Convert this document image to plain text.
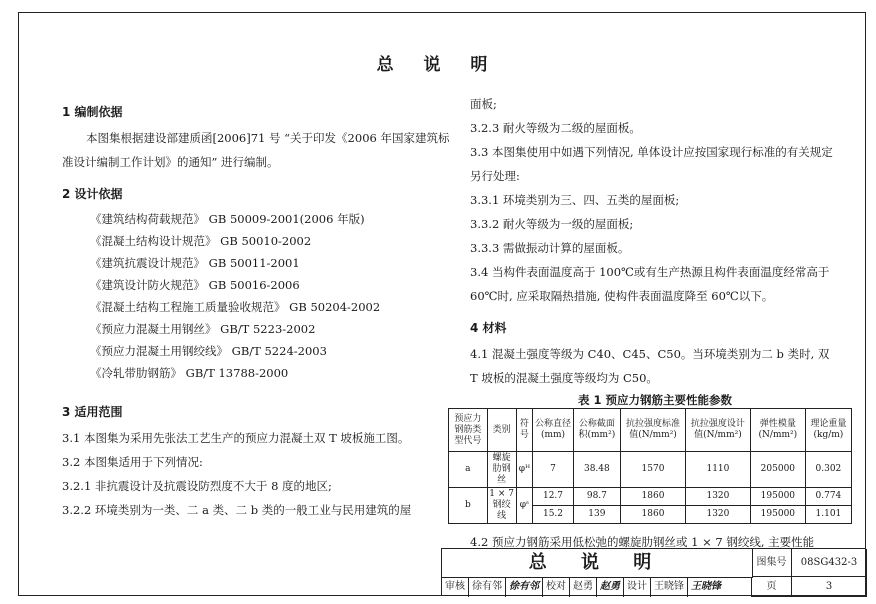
总 说 明
1 编制依据

本图集根据建设部建质函[2006]71 号 “关于印发《2006 年国家建筑标准设计编制工作计划》的通知” 进行编制。

2 设计依据
《建筑结构荷载规范》 GB 50009-2001(2006 年版)
《混凝土结构设计规范》 GB 50010-2002
《建筑抗震设计规范》 GB 50011-2001
《建筑设计防火规范》 GB 50016-2006
《混凝土结构工程施工质量验收规范》 GB 50204-2002
《预应力混凝土用钢丝》 GB/T 5223-2002
《预应力混凝土用钢绞线》 GB/T 5224-2003
《冷轧带肋钢筋》 GB/T 13788-2000
3 适用范围

3.1 本图集为采用先张法工艺生产的预应力混凝土双 T 坡板施工图。

3.2 本图集适用于下列情况:

3.2.1 非抗震设计及抗震设防烈度不大于 8 度的地区;

3.2.2 环境类别为一类、二 a 类、二 b 类的一般工业与民用建筑的屋

面板;

3.2.3 耐火等级为二级的屋面板。

3.3 本图集使用中如遇下列情况, 单体设计应按国家现行标准的有关规定另行处理:

3.3.1 环境类别为三、四、五类的屋面板;

3.3.2 耐火等级为一级的屋面板;

3.3.3 需做振动计算的屋面板。

3.4 当构件表面温度高于 100℃或有生产热源且构件表面温度经常高于 60℃时, 应采取隔热措施, 使构件表面温度降至 60℃以下。

4 材料

4.1 混凝土强度等级为 C40、C45、C50。当环境类别为二 b 类时, 双 T 坡板的混凝土强度等级均为 C50。

表 1 预应力钢筋主要性能参数
预应力钢筋类型代号	类别	符号	公称直径(mm)	公称截面积(mm²)	抗拉强度标准值(N/mm²)	抗拉强度设计值(N/mm²)	弹性模量(N/mm²)	理论重量(kg/m)
a	螺旋肋钢丝	φᴴ	7	38.48	1570	1110	205000	0.302
b	1 × 7 钢绞线	φˢ	12.7	98.7	1860	1320	195000	0.774
			15.2	139	1860	1320	195000	1.101

4.2 预应力钢筋采用低松弛的螺旋肋钢丝或 1 × 7 钢绞线, 主要性能

总 说 明	图集号	08SG432-3
审核 徐有邻 徐有邻 校对 赵勇 赵勇 设计 王晓锋 王晓锋	页	3
